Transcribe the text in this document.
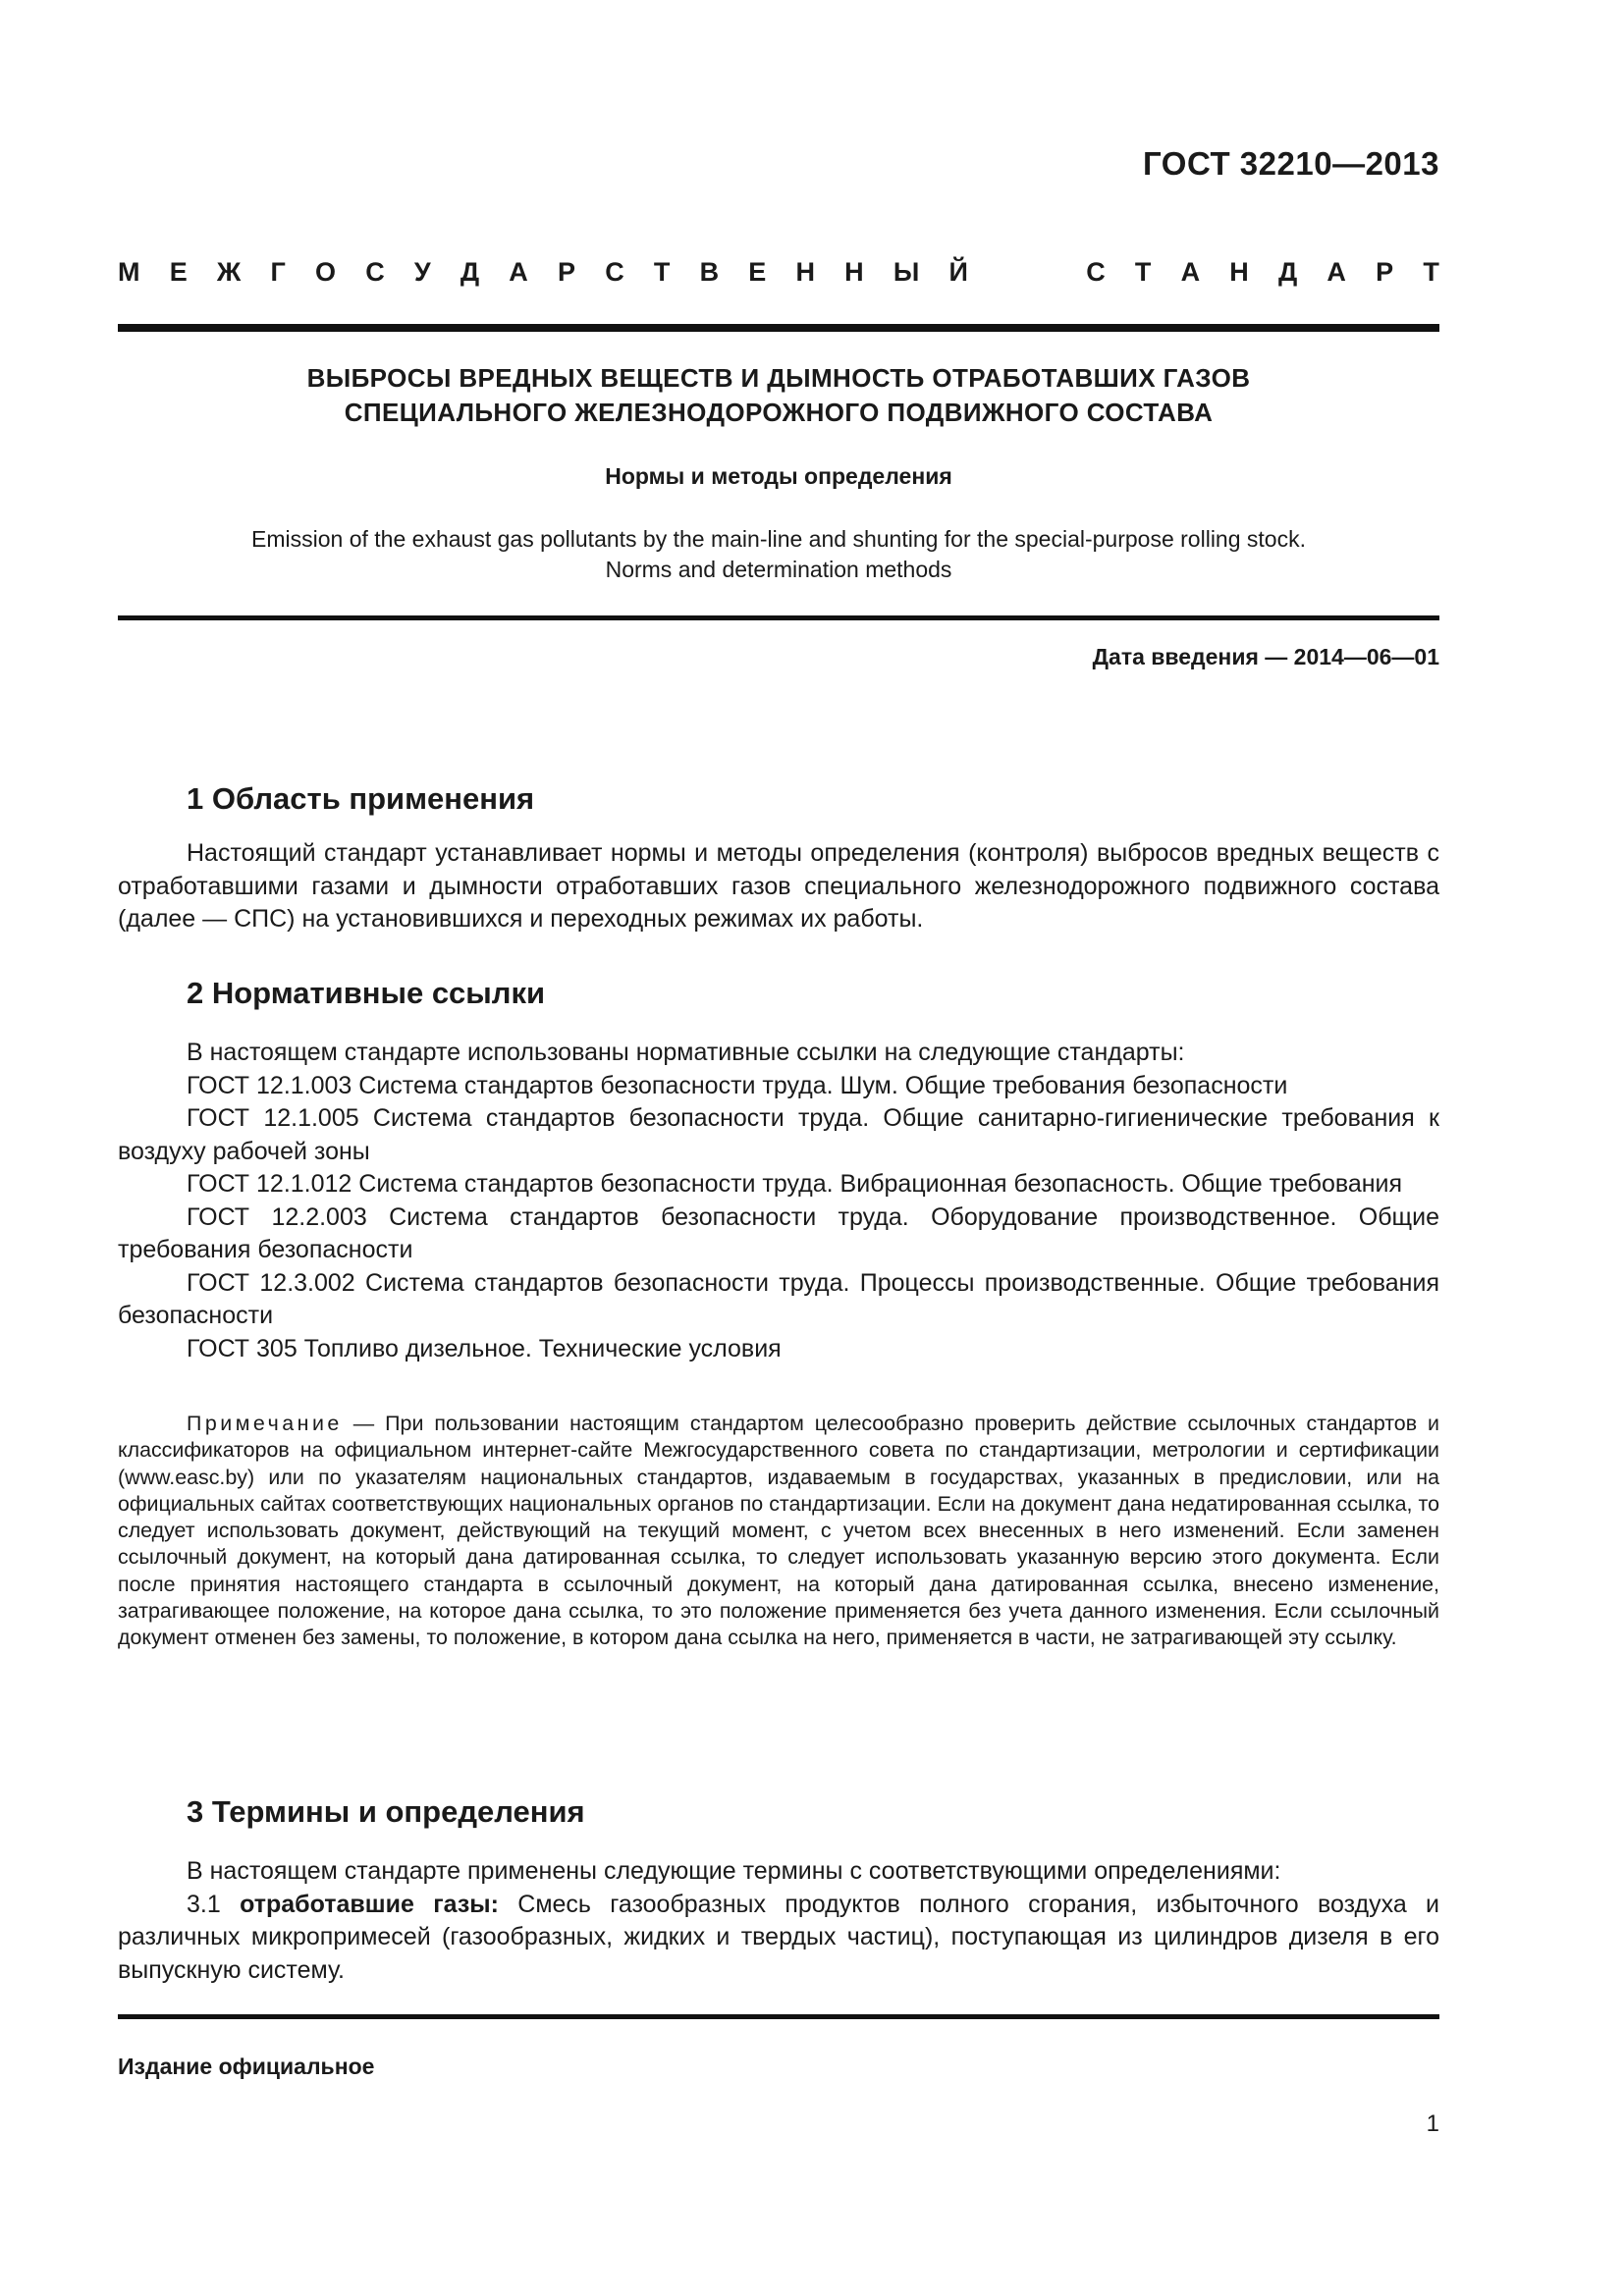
ГОСТ 32210—2013
М Е Ж Г О С У Д А Р С Т В Е Н Н Ы Й	С Т А Н Д А Р Т
ВЫБРОСЫ ВРЕДНЫХ ВЕЩЕСТВ И ДЫМНОСТЬ ОТРАБОТАВШИХ ГАЗОВ
СПЕЦИАЛЬНОГО ЖЕЛЕЗНОДОРОЖНОГО ПОДВИЖНОГО СОСТАВА
Нормы и методы определения
Emission of the exhaust gas pollutants by the main-line and shunting for the special-purpose rolling stock.
Norms and determination methods
Дата введения — 2014—06—01
1 Область применения

Настоящий стандарт устанавливает нормы и методы определения (контроля) выбросов вредных веществ с отработавшими газами и дымности отработавших газов специального железнодорожного подвижного состава (далее — СПС) на установившихся и переходных режимах их работы.

2 Нормативные ссылки

В настоящем стандарте использованы нормативные ссылки на следующие стандарты:

ГОСТ 12.1.003 Система стандартов безопасности труда. Шум. Общие требования безопасности

ГОСТ 12.1.005 Система стандартов безопасности труда. Общие санитарно-гигиенические требования к воздуху рабочей зоны

ГОСТ 12.1.012 Система стандартов безопасности труда. Вибрационная безопасность. Общие требования

ГОСТ 12.2.003 Система стандартов безопасности труда. Оборудование производственное. Общие требования безопасности

ГОСТ 12.3.002 Система стандартов безопасности труда. Процессы производственные. Общие требования безопасности

ГОСТ 305 Топливо дизельное. Технические условия

Примечание — При пользовании настоящим стандартом целесообразно проверить действие ссылочных стандартов и классификаторов на официальном интернет-сайте Межгосударственного совета по стандартизации, метрологии и сертификации (www.easc.by) или по указателям национальных стандартов, издаваемым в государствах, указанных в предисловии, или на официальных сайтах соответствующих национальных органов по стандартизации. Если на документ дана недатированная ссылка, то следует использовать документ, действующий на текущий момент, с учетом всех внесенных в него изменений. Если заменен ссылочный документ, на который дана датированная ссылка, то следует использовать указанную версию этого документа. Если после принятия настоящего стандарта в ссылочный документ, на который дана датированная ссылка, внесено изменение, затрагивающее положение, на которое дана ссылка, то это положение применяется без учета данного изменения. Если ссылочный документ отменен без замены, то положение, в котором дана ссылка на него, применяется в части, не затрагивающей эту ссылку.

3 Термины и определения

В настоящем стандарте применены следующие термины с соответствующими определениями:

3.1 отработавшие газы: Смесь газообразных продуктов полного сгорания, избыточного воздуха и различных микропримесей (газообразных, жидких и твердых частиц), поступающая из цилиндров дизеля в его выпускную систему.

Издание официальное
1
